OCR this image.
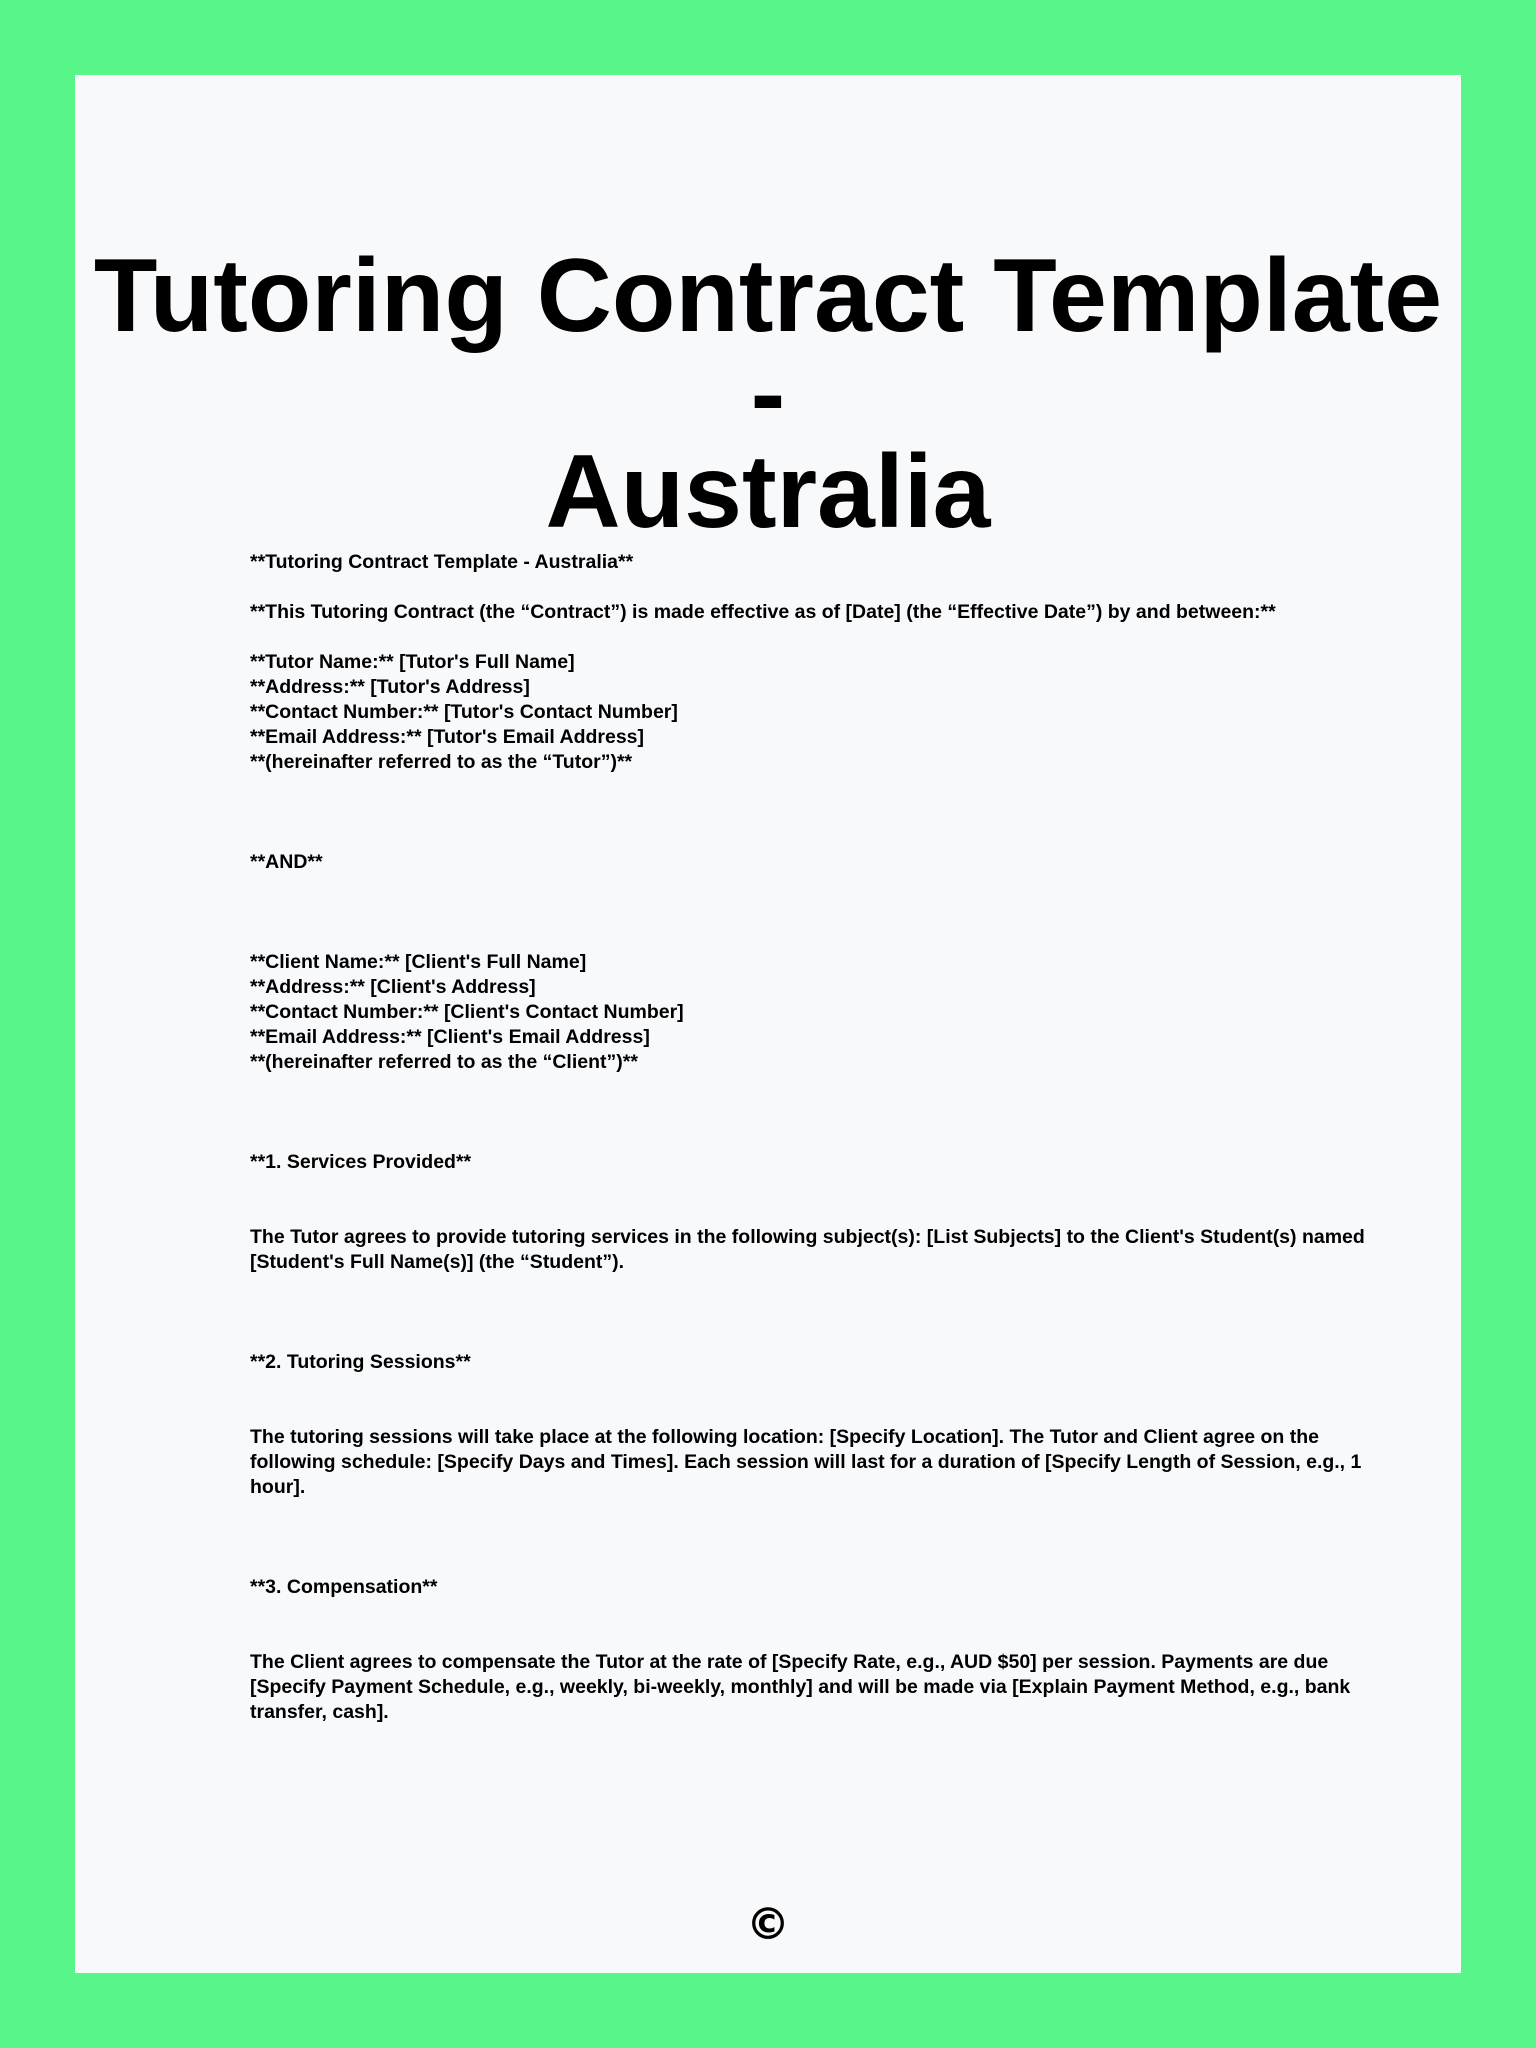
Tutoring Contract Template -
Australia

**Tutoring Contract Template - Australia**

**This Tutoring Contract (the “Contract”) is made effective as of [Date] (the “Effective Date”) by and between:**

**Tutor Name:** [Tutor's Full Name]
**Address:** [Tutor's Address]
**Contact Number:** [Tutor's Contact Number]
**Email Address:** [Tutor's Email Address]
**(hereinafter referred to as the “Tutor”)**

**AND**

**Client Name:** [Client's Full Name]
**Address:** [Client's Address]
**Contact Number:** [Client's Contact Number]
**Email Address:** [Client's Email Address]
**(hereinafter referred to as the “Client”)**

**1. Services Provided**

The Tutor agrees to provide tutoring services in the following subject(s): [List Subjects] to the Client's Student(s) named [Student's Full Name(s)] (the “Student”).

**2. Tutoring Sessions**

The tutoring sessions will take place at the following location: [Specify Location]. The Tutor and Client agree on the following schedule: [Specify Days and Times]. Each session will last for a duration of [Specify Length of Session, e.g., 1 hour].

**3. Compensation**

The Client agrees to compensate the Tutor at the rate of [Specify Rate, e.g., AUD $50] per session. Payments are due [Specify Payment Schedule, e.g., weekly, bi-weekly, monthly] and will be made via [Explain Payment Method, e.g., bank transfer, cash].

©
